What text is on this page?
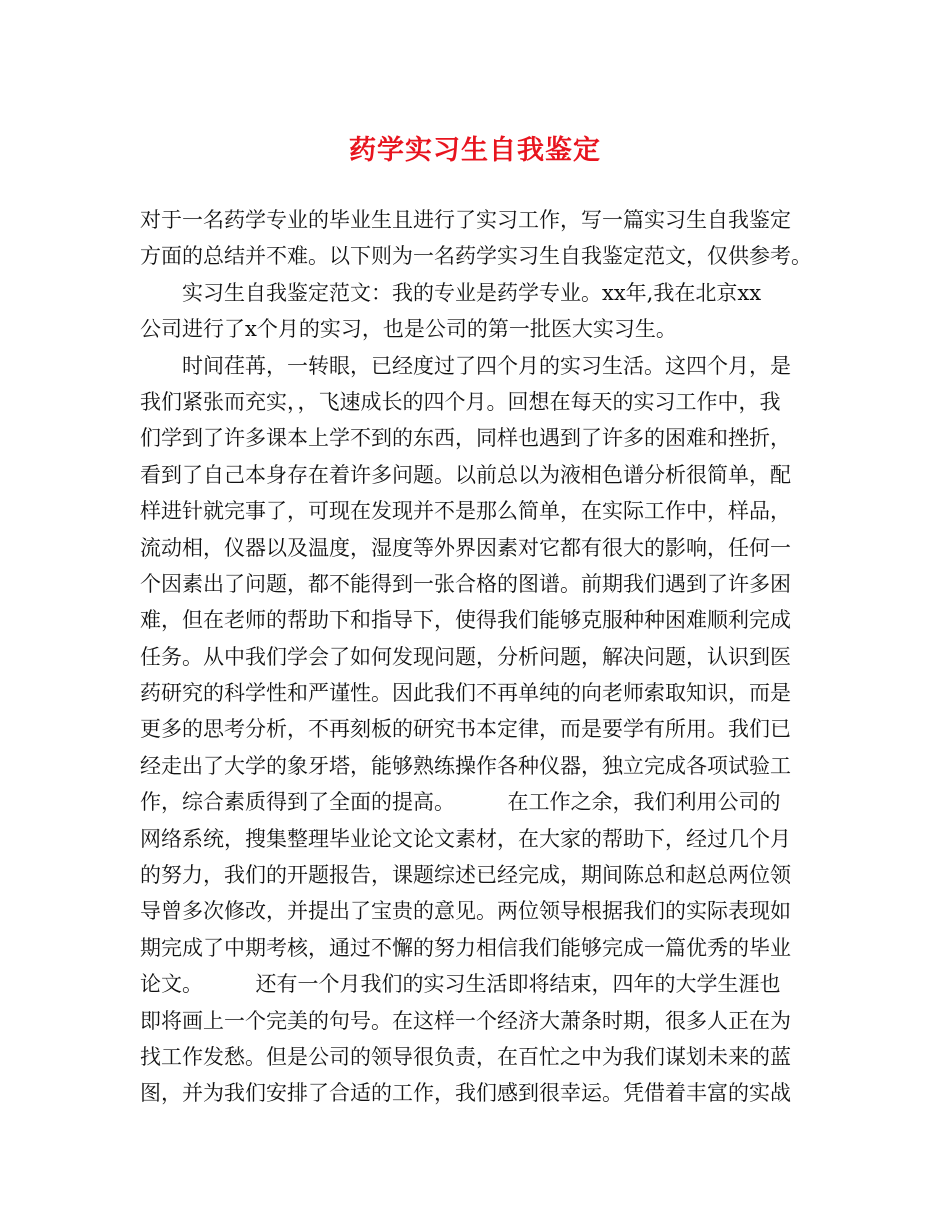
药学实习生自我鉴定
对于一名药学专业的毕业生且进行了实习工作，写一篇实习生自我鉴定
方面的总结并不难。以下则为一名药学实习生自我鉴定范文，仅供参考。
　　实习生自我鉴定范文：我的专业是药学专业。xx年,我在北京xx
公司进行了x个月的实习，也是公司的第一批医大实习生。
　　时间荏苒，一转眼，已经度过了四个月的实习生活。这四个月，是
我们紧张而充实，，飞速成长的四个月。回想在每天的实习工作中，我
们学到了许多课本上学不到的东西，同样也遇到了许多的困难和挫折，
看到了自己本身存在着许多问题。以前总以为液相色谱分析很简单，配
样进针就完事了，可现在发现并不是那么简单，在实际工作中，样品，
流动相，仪器以及温度，湿度等外界因素对它都有很大的影响，任何一
个因素出了问题，都不能得到一张合格的图谱。前期我们遇到了许多困
难，但在老师的帮助下和指导下，使得我们能够克服种种困难顺利完成
任务。从中我们学会了如何发现问题，分析问题，解决问题，认识到医
药研究的科学性和严谨性。因此我们不再单纯的向老师索取知识，而是
更多的思考分析，不再刻板的研究书本定律，而是要学有所用。我们已
经走出了大学的象牙塔，能够熟练操作各种仪器，独立完成各项试验工
作，综合素质得到了全面的提高。　　　在工作之余，我们利用公司的
网络系统，搜集整理毕业论文论文素材，在大家的帮助下，经过几个月
的努力，我们的开题报告，课题综述已经完成，期间陈总和赵总两位领
导曾多次修改，并提出了宝贵的意见。两位领导根据我们的实际表现如
期完成了中期考核，通过不懈的努力相信我们能够完成一篇优秀的毕业
论文。　　　还有一个月我们的实习生活即将结束，四年的大学生涯也
即将画上一个完美的句号。在这样一个经济大萧条时期，很多人正在为
找工作发愁。但是公司的领导很负责，在百忙之中为我们谋划未来的蓝
图，并为我们安排了合适的工作，我们感到很幸运。凭借着丰富的实战
